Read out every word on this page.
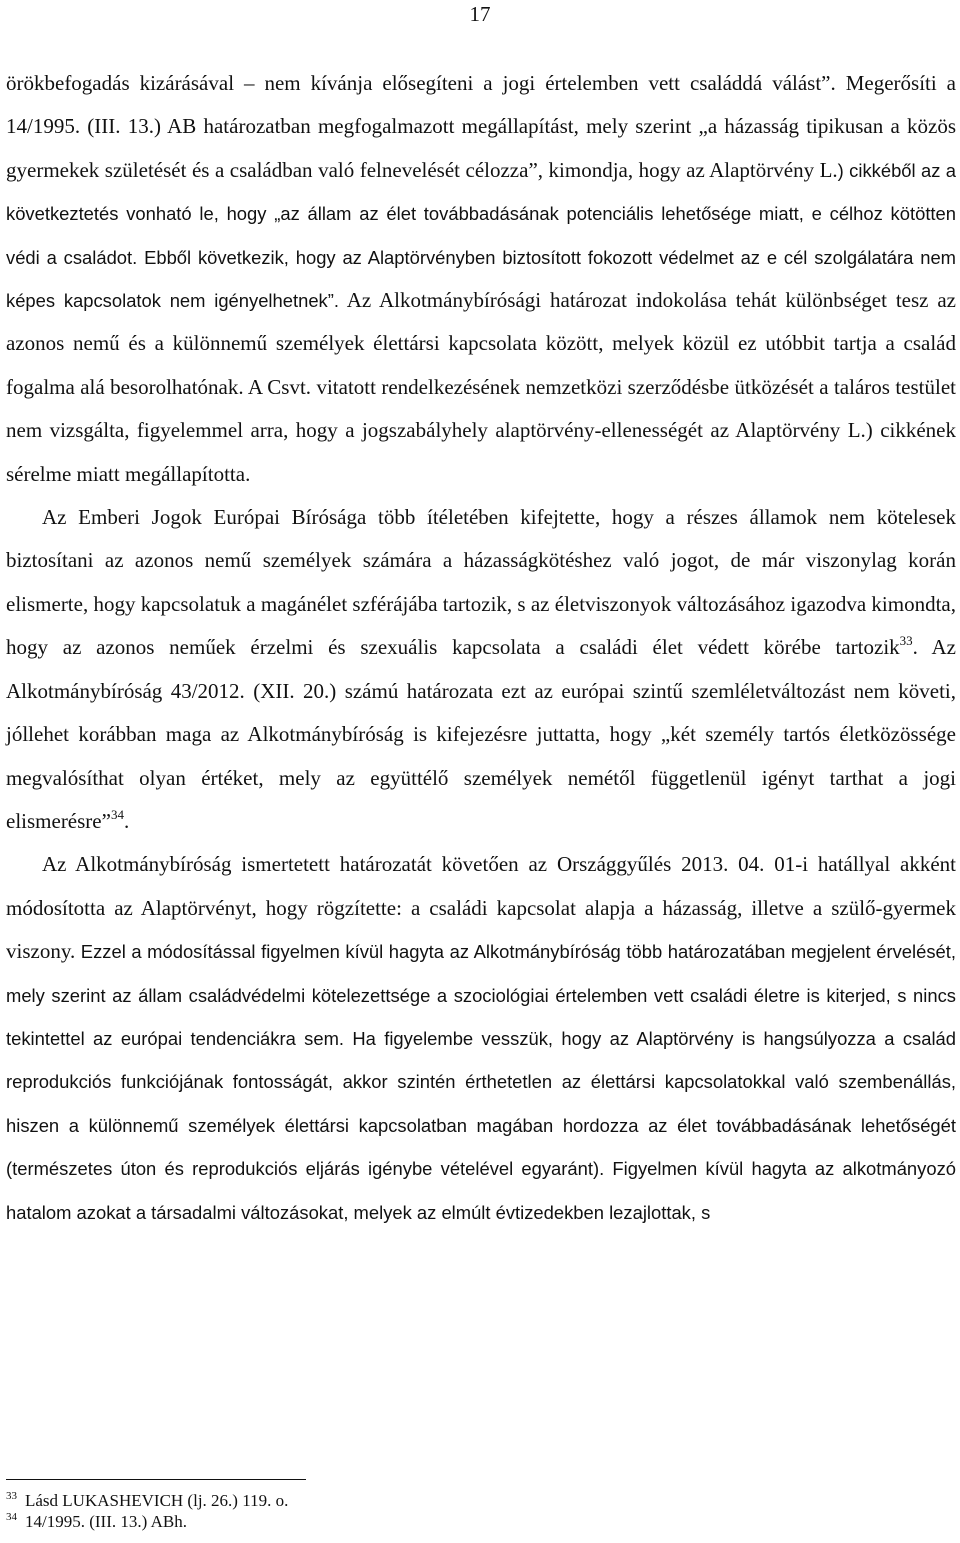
17

örökbefogadás kizárásával – nem kívánja elősegíteni a jogi értelemben vett családdá válást”. Megerősíti a 14/1995. (III. 13.) AB határozatban megfogalmazott megállapítást, mely szerint „a házasság tipikusan a közös gyermekek születését és a családban való felnevelését célozza”, kimondja, hogy az Alaptörvény L.) cikkéből az a következtetés vonható le, hogy „az állam az élet továbbadásának potenciális lehetősége miatt, e célhoz kötötten védi a családot. Ebből következik, hogy az Alaptörvényben biztosított fokozott védelmet az e cél szolgálatára nem képes kapcsolatok nem igényelhetnek”. Az Alkotmánybírósági határozat indokolása tehát különbséget tesz az azonos nemű és a különnemű személyek élettársi kapcsolata között, melyek közül ez utóbbit tartja a család fogalma alá besorolhatónak. A Csvt. vitatott rendelkezésének nemzetközi szerződésbe ütközését a taláros testület nem vizsgálta, figyelemmel arra, hogy a jogszabályhely alaptörvény-ellenességét az Alaptörvény L.) cikkének sérelme miatt megállapította.

Az Emberi Jogok Európai Bírósága több ítéletében kifejtette, hogy a részes államok nem kötelesek biztosítani az azonos nemű személyek számára a házasságkötéshez való jogot, de már viszonylag korán elismerte, hogy kapcsolatuk a magánélet szférájába tartozik, s az életviszonyok változásához igazodva kimondta, hogy az azonos neműek érzelmi és szexuális kapcsolata a családi élet védett körébe tartozik$^{33}$. Az Alkotmánybíróság 43/2012. (XII. 20.) számú határozata ezt az európai szintű szemléletváltozást nem követi, jóllehet korábban maga az Alkotmánybíróság is kifejezésre juttatta, hogy „két személy tartós életközössége megvalósíthat olyan értéket, mely az együttélő személyek nemétől függetlenül igényt tarthat a jogi elismerésre”$^{34}$.

Az Alkotmánybíróság ismertetett határozatát követően az Országgyűlés 2013. 04. 01-i hatállyal akként módosította az Alaptörvényt, hogy rögzítette: a családi kapcsolat alapja a házasság, illetve a szülő-gyermek viszony. Ezzel a módosítással figyelmen kívül hagyta az Alkotmánybíróság több határozatában megjelent érvelését, mely szerint az állam családvédelmi kötelezettsége a szociológiai értelemben vett családi életre is kiterjed, s nincs tekintettel az európai tendenciákra sem. Ha figyelembe vesszük, hogy az Alaptörvény is hangsúlyozza a család reprodukciós funkciójának fontosságát, akkor szintén érthetetlen az élettársi kapcsolatokkal való szembenállás, hiszen a különnemű személyek élettársi kapcsolatban magában hordozza az élet továbbadásának lehetőségét (természetes úton és reprodukciós eljárás igénybe vételével egyaránt). Figyelmen kívül hagyta az alkotmányozó hatalom azokat a társadalmi változásokat, melyek az elmúlt évtizedekben lezajlottak, s

$^{33}$ Lásd LUKASHEVICH (lj. 26.) 119. o.
$^{34}$ 14/1995. (III. 13.) ABh.
